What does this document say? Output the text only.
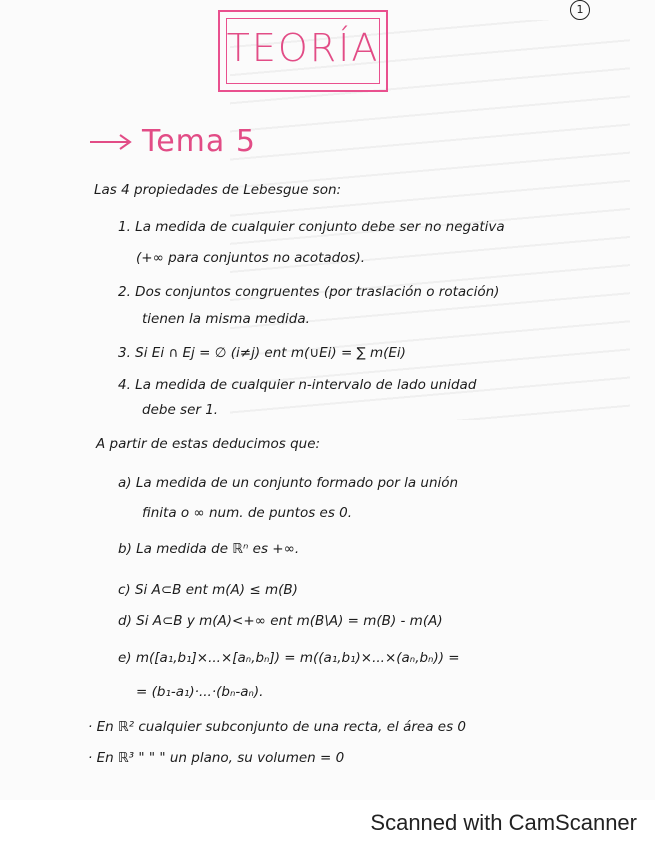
1
TEORÍA
Tema 5
Las 4 propiedades de Lebesgue son:
1. La medida de cualquier conjunto debe ser no negativa
(+∞ para conjuntos no acotados).
2. Dos conjuntos congruentes (por traslación o rotación)
tienen la misma medida.
3. Si Ei ∩ Ej = ∅ (i≠j) ent m(∪Ei) = ∑ m(Ei)
4. La medida de cualquier n-intervalo de lado unidad
debe ser 1.
A partir de estas deducimos que:
a) La medida de un conjunto formado por la unión
finita o ∞ num. de puntos es 0.
b) La medida de ℝⁿ es +∞.
c) Si A⊂B ent m(A) ≤ m(B)
d) Si A⊂B y m(A)<+∞ ent m(B\A) = m(B) - m(A)
e) m([a₁,b₁]×...×[aₙ,bₙ]) = m((a₁,b₁)×...×(aₙ,bₙ)) =
= (b₁-a₁)·...·(bₙ-aₙ).
· En ℝ² cualquier subconjunto de una recta, el área es 0
· En ℝ³ " " " un plano, su volumen = 0
Scanned with CamScanner
